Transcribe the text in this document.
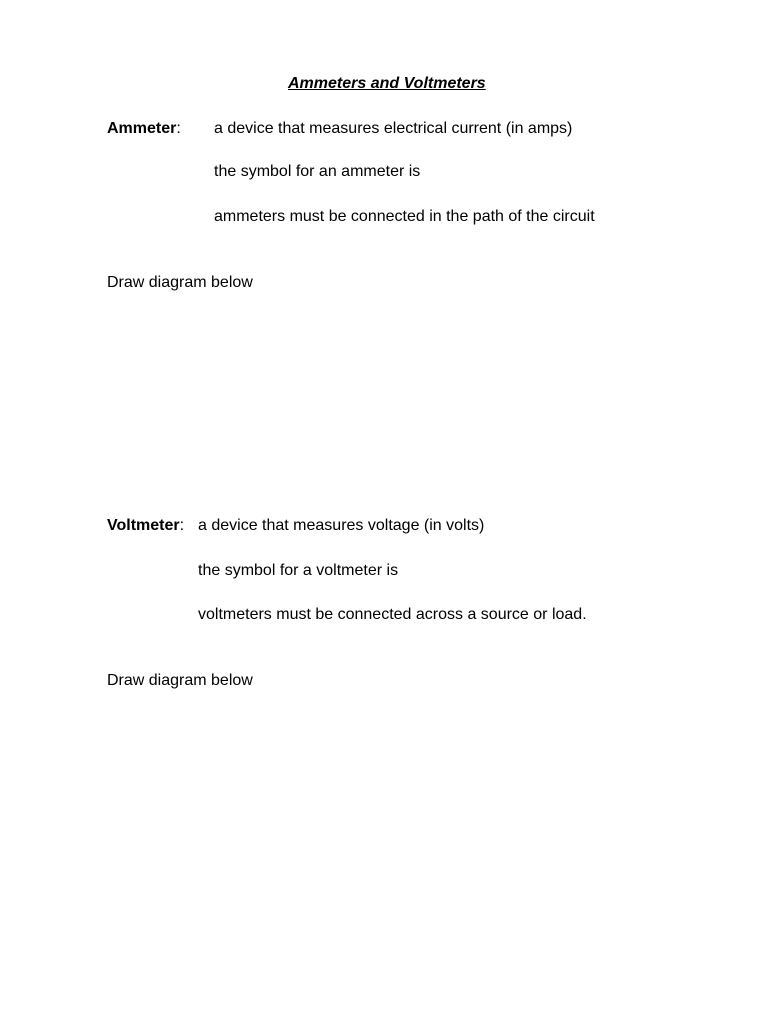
Ammeters and Voltmeters
Ammeter: a device that measures electrical current (in amps)
the symbol for an ammeter is
ammeters must be connected in the path of the circuit
Draw diagram below
Voltmeter: a device that measures voltage (in volts)
the symbol for a voltmeter is
voltmeters must be connected across a source or load.
Draw diagram below
